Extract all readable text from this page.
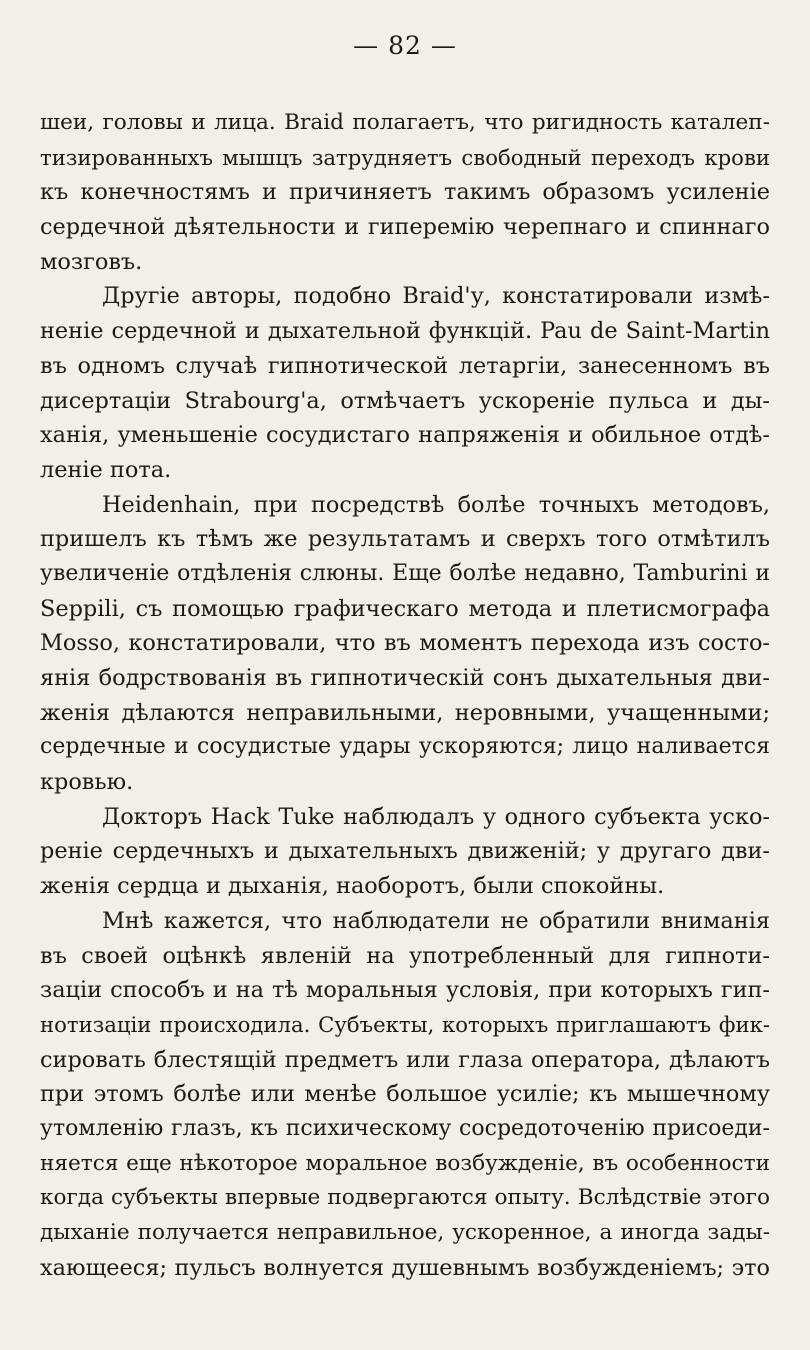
— 82 —
шеи, головы и лица. Braid полагаетъ, что ригидность каталеп-
тизированныхъ мышцъ затрудняетъ свободный переходъ крови
къ конечностямъ и причиняетъ такимъ образомъ усиленіе
сердечной дѣятельности и гиперемію черепнаго и спиннаго
мозговъ.
Другіе авторы, подобно Braid'у, констатировали измѣ-
неніе сердечной и дыхательной функцій. Pau de Saint-Martin
въ одномъ случаѣ гипнотической летаргіи, занесенномъ въ
дисертаціи Strabourg'а, отмѣчаетъ ускореніе пульса и ды-
ханія, уменьшеніе сосудистаго напряженія и обильное отдѣ-
леніе пота.
Heidenhain, при посредствѣ болѣе точныхъ методовъ,
пришелъ къ тѣмъ же результатамъ и сверхъ того отмѣтилъ
увеличеніе отдѣленія слюны. Еще болѣе недавно, Tamburini и
Seppili, съ помощью графическаго метода и плетисмографа
Mosso, констатировали, что въ моментъ перехода изъ состо-
янія бодрствованія въ гипнотическій сонъ дыхательныя дви-
женія дѣлаются неправильными, неровными, учащенными;
сердечные и сосудистые удары ускоряются; лицо наливается
кровью.
Докторъ Hack Tuke наблюдалъ у одного субъекта уско-
реніе сердечныхъ и дыхательныхъ движеній; у другаго дви-
женія сердца и дыханія, наоборотъ, были спокойны.
Мнѣ кажется, что наблюдатели не обратили вниманія
въ своей оцѣнкѣ явленій на употребленный для гипноти-
заціи способъ и на тѣ моральныя условія, при которыхъ гип-
нотизаціи происходила. Субъекты, которыхъ приглашаютъ фик-
сировать блестящій предметъ или глаза оператора, дѣлаютъ
при этомъ болѣе или менѣе большое усиліе; къ мышечному
утомленію глазъ, къ психическому сосредоточенію присоеди-
няется еще нѣкоторое моральное возбужденіе, въ особенности
когда субъекты впервые подвергаются опыту. Вслѣдствіе этого
дыханіе получается неправильное, ускоренное, а иногда зады-
хающееся; пульсъ волнуется душевнымъ возбужденіемъ; это
